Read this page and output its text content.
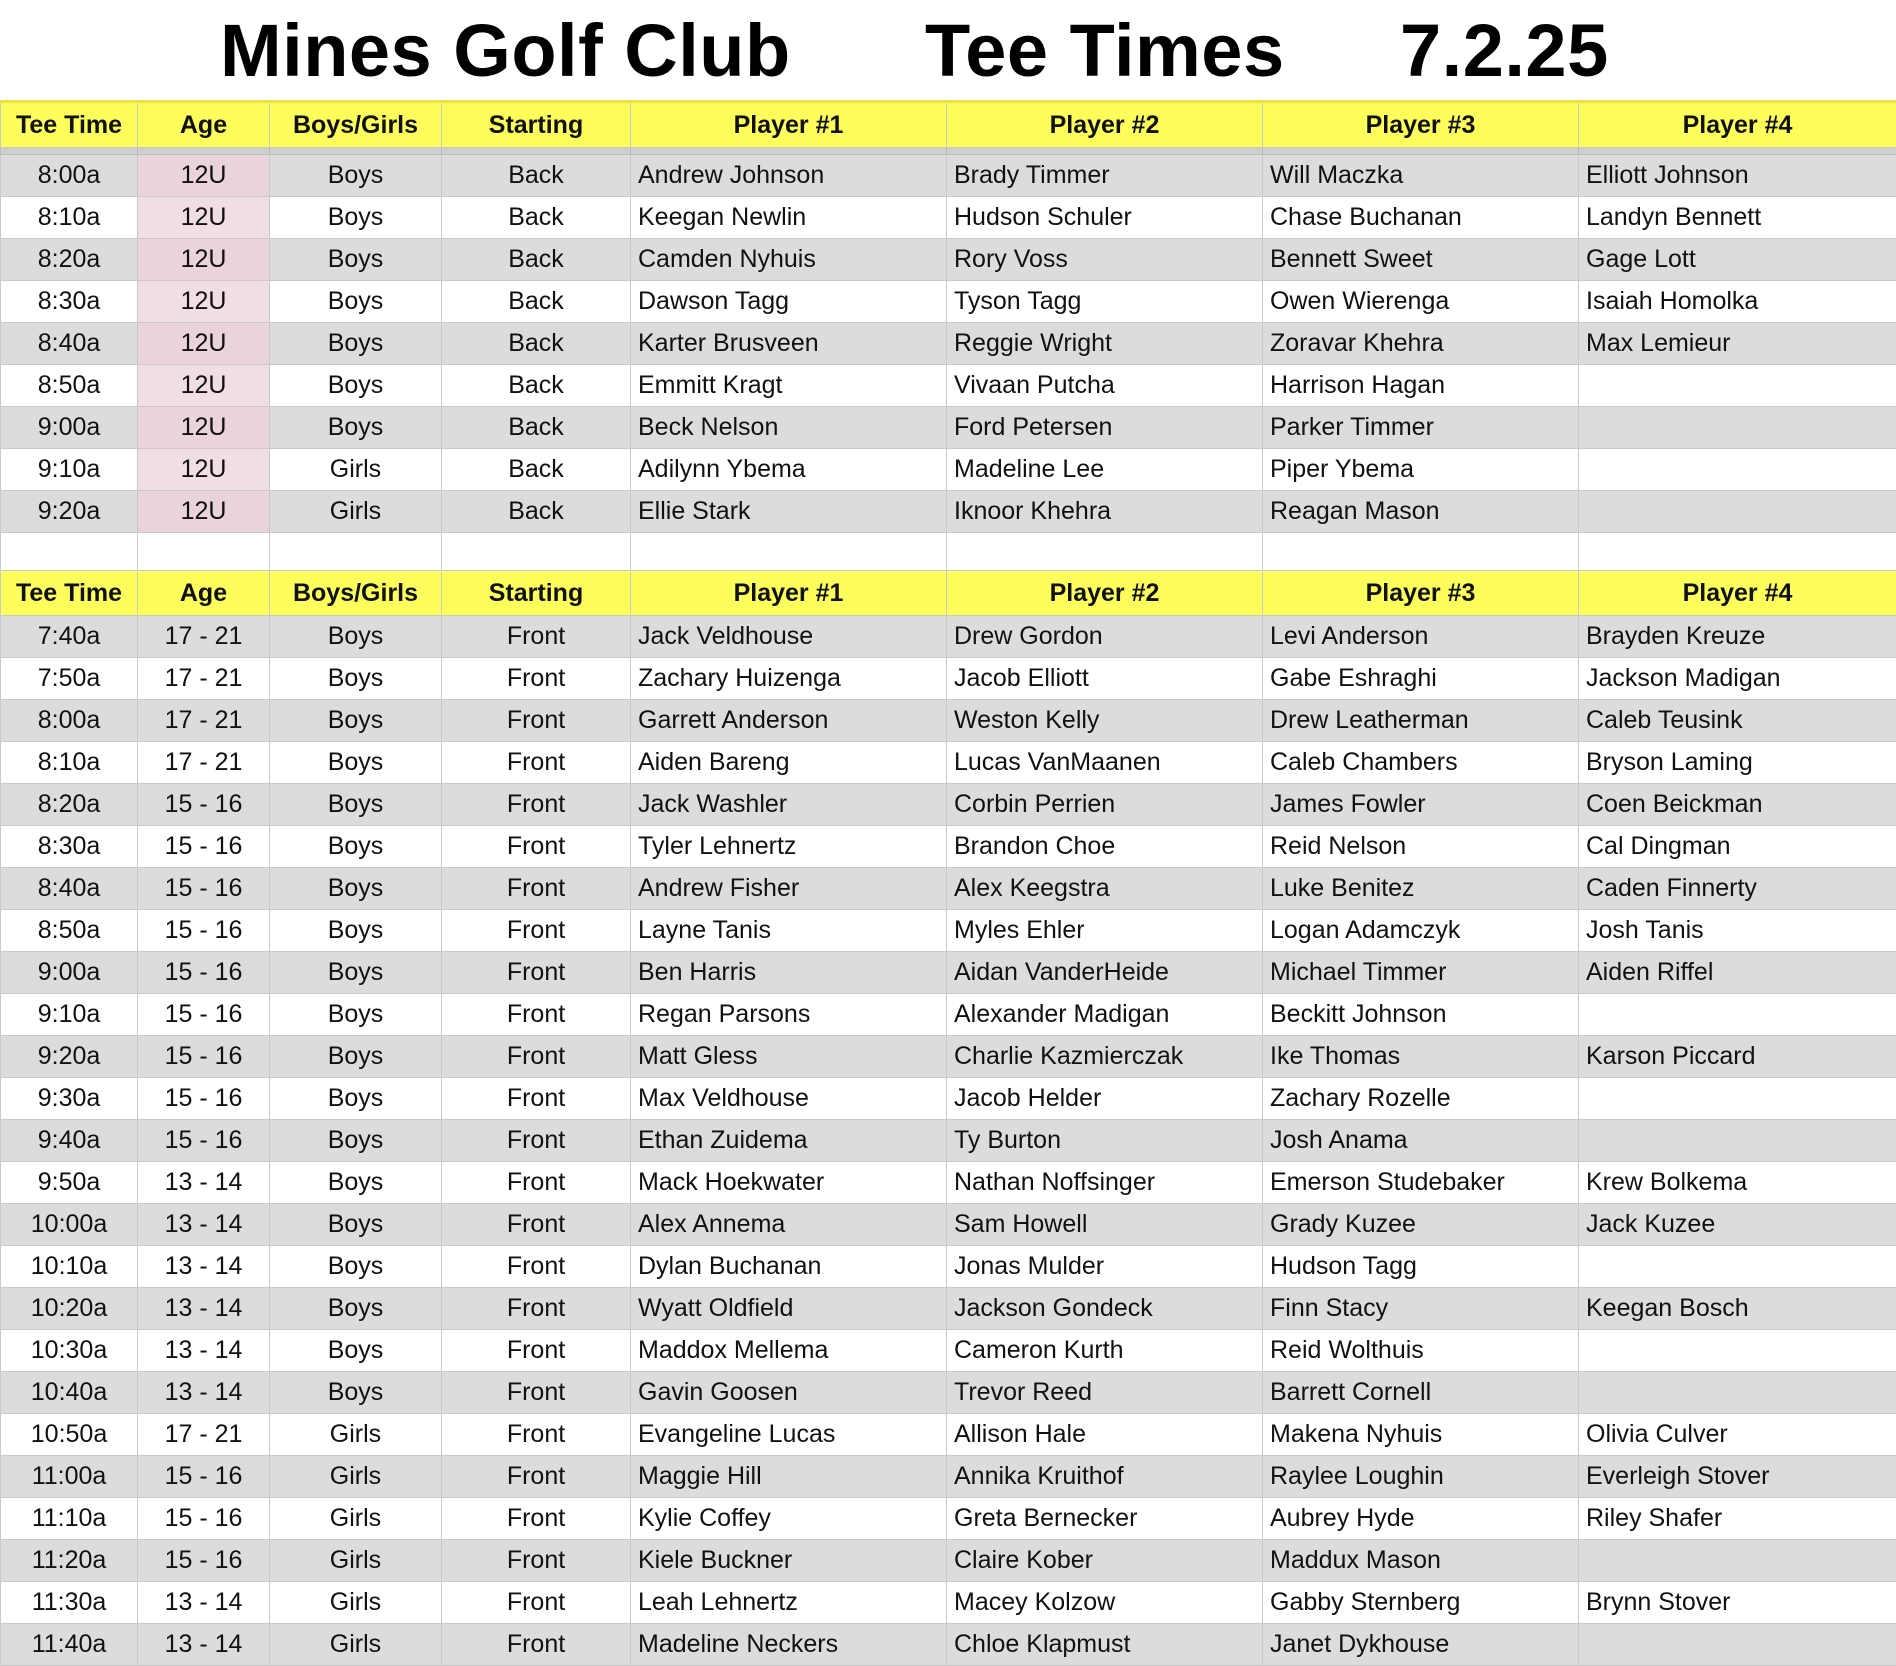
Mines Golf Club Tee Times 7.2.25
Tee Time	Age	Boys/Girls	Starting	Player #1	Player #2	Player #3	Player #4

8:00a	12U	Boys	Back	Andrew Johnson	Brady Timmer	Will Maczka	Elliott Johnson
8:10a	12U	Boys	Back	Keegan Newlin	Hudson Schuler	Chase Buchanan	Landyn Bennett
8:20a	12U	Boys	Back	Camden Nyhuis	Rory Voss	Bennett Sweet	Gage Lott
8:30a	12U	Boys	Back	Dawson Tagg	Tyson Tagg	Owen Wierenga	Isaiah Homolka
8:40a	12U	Boys	Back	Karter Brusveen	Reggie Wright	Zoravar Khehra	Max Lemieur
8:50a	12U	Boys	Back	Emmitt Kragt	Vivaan Putcha	Harrison Hagan	
9:00a	12U	Boys	Back	Beck Nelson	Ford Petersen	Parker Timmer	
9:10a	12U	Girls	Back	Adilynn Ybema	Madeline Lee	Piper Ybema	
9:20a	12U	Girls	Back	Ellie Stark	Iknoor Khehra	Reagan Mason	

Tee Time	Age	Boys/Girls	Starting	Player #1	Player #2	Player #3	Player #4
7:40a	17 - 21	Boys	Front	Jack Veldhouse	Drew Gordon	Levi Anderson	Brayden Kreuze
7:50a	17 - 21	Boys	Front	Zachary Huizenga	Jacob Elliott	Gabe Eshraghi	Jackson Madigan
8:00a	17 - 21	Boys	Front	Garrett Anderson	Weston Kelly	Drew Leatherman	Caleb Teusink
8:10a	17 - 21	Boys	Front	Aiden Bareng	Lucas VanMaanen	Caleb Chambers	Bryson Laming
8:20a	15 - 16	Boys	Front	Jack Washler	Corbin Perrien	James Fowler	Coen Beickman
8:30a	15 - 16	Boys	Front	Tyler Lehnertz	Brandon Choe	Reid Nelson	Cal Dingman
8:40a	15 - 16	Boys	Front	Andrew Fisher	Alex Keegstra	Luke Benitez	Caden Finnerty
8:50a	15 - 16	Boys	Front	Layne Tanis	Myles Ehler	Logan Adamczyk	Josh Tanis
9:00a	15 - 16	Boys	Front	Ben Harris	Aidan VanderHeide	Michael Timmer	Aiden Riffel
9:10a	15 - 16	Boys	Front	Regan Parsons	Alexander Madigan	Beckitt Johnson	
9:20a	15 - 16	Boys	Front	Matt Gless	Charlie Kazmierczak	Ike Thomas	Karson Piccard
9:30a	15 - 16	Boys	Front	Max Veldhouse	Jacob Helder	Zachary Rozelle	
9:40a	15 - 16	Boys	Front	Ethan Zuidema	Ty Burton	Josh Anama	
9:50a	13 - 14	Boys	Front	Mack Hoekwater	Nathan Noffsinger	Emerson Studebaker	Krew Bolkema
10:00a	13 - 14	Boys	Front	Alex Annema	Sam Howell	Grady Kuzee	Jack Kuzee
10:10a	13 - 14	Boys	Front	Dylan Buchanan	Jonas Mulder	Hudson Tagg	
10:20a	13 - 14	Boys	Front	Wyatt Oldfield	Jackson Gondeck	Finn Stacy	Keegan Bosch
10:30a	13 - 14	Boys	Front	Maddox Mellema	Cameron Kurth	Reid Wolthuis	
10:40a	13 - 14	Boys	Front	Gavin Goosen	Trevor Reed	Barrett Cornell	
10:50a	17 - 21	Girls	Front	Evangeline Lucas	Allison Hale	Makena Nyhuis	Olivia Culver
11:00a	15 - 16	Girls	Front	Maggie Hill	Annika Kruithof	Raylee Loughin	Everleigh Stover
11:10a	15 - 16	Girls	Front	Kylie Coffey	Greta Bernecker	Aubrey Hyde	Riley Shafer
11:20a	15 - 16	Girls	Front	Kiele Buckner	Claire Kober	Maddux Mason	
11:30a	13 - 14	Girls	Front	Leah Lehnertz	Macey Kolzow	Gabby Sternberg	Brynn Stover
11:40a	13 - 14	Girls	Front	Madeline Neckers	Chloe Klapmust	Janet Dykhouse	
